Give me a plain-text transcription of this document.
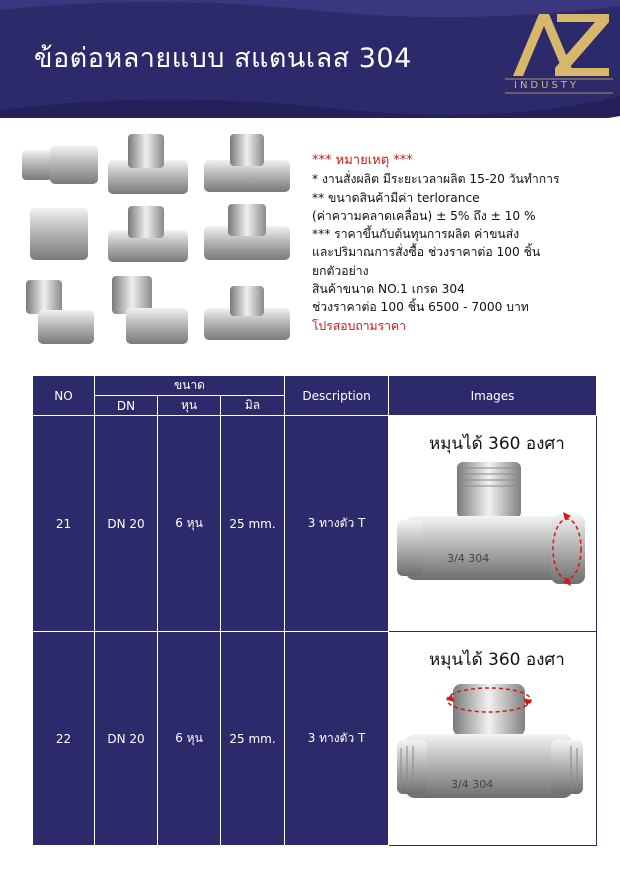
ข้อต่อหลายแบบ สแตนเลส 304
INDUSTY
*** หมายเหตุ ***
* งานสั่งผลิต มีระยะเวลาผลิต 15-20 วันทำการ
** ขนาดสินค้ามีค่า terlorance
(ค่าความคลาดเคลื่อน) ± 5% ถึง ± 10 %
*** ราคาขึ้นกับต้นทุนการผลิต ค่าขนส่ง
และปริมาณการสั่งซื้อ ช่วงราคาต่อ 100 ชิ้น
ยกตัวอย่าง
สินค้าขนาด NO.1 เกรด 304
ช่วงราคาต่อ 100 ชิ้น 6500 - 7000 บาท
โปรสอบถามราคา
NO	ขนาด			Description	Images
	DN	หุน	มิล		
21	DN 20	6 หุน	25 mm.	3 ทางตัว T	หมุนได้ 360 องศา
3/4 304

22	DN 20	6 หุน	25 mm.	3 ทางตัว T	หมุนได้ 360 องศา
3/4 304
